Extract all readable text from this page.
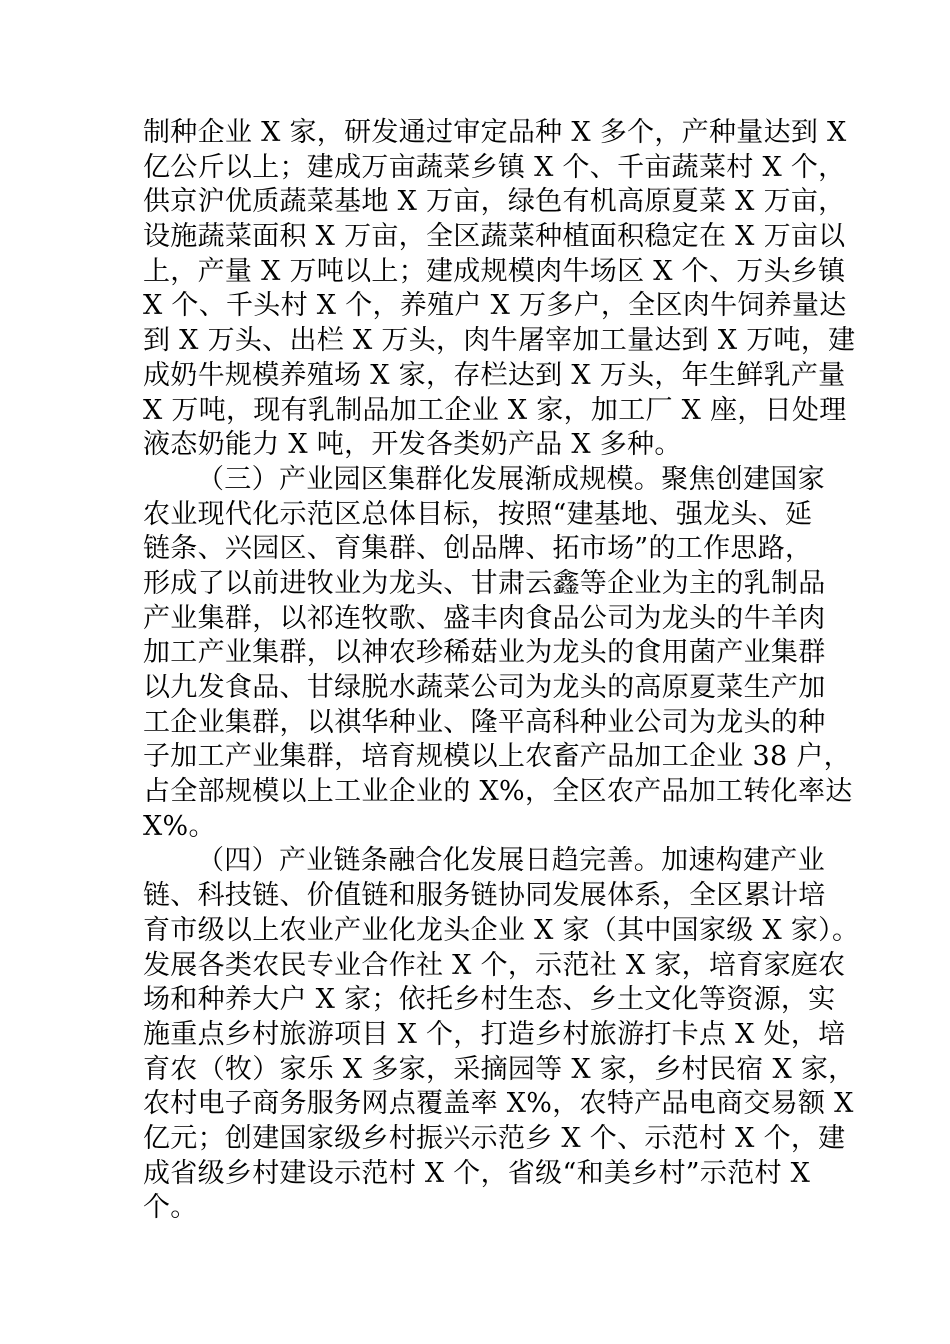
制种企业 X 家，研发通过审定品种 X 多个，产种量达到 X
亿公斤以上；建成万亩蔬菜乡镇 X 个、千亩蔬菜村 X 个，
供京沪优质蔬菜基地 X 万亩，绿色有机高原夏菜 X 万亩，
设施蔬菜面积 X 万亩，全区蔬菜种植面积稳定在 X 万亩以
上，产量 X 万吨以上；建成规模肉牛场区 X 个、万头乡镇
X 个、千头村 X 个，养殖户 X 万多户，全区肉牛饲养量达
到 X 万头、出栏 X 万头，肉牛屠宰加工量达到 X 万吨，建
成奶牛规模养殖场 X 家，存栏达到 X 万头，年生鲜乳产量
X 万吨，现有乳制品加工企业 X 家，加工厂 X 座，日处理
液态奶能力 X 吨，开发各类奶产品 X 多种。
（三）产业园区集群化发展渐成规模。聚焦创建国家
农业现代化示范区总体目标，按照“建基地、强龙头、延
链条、兴园区、育集群、创品牌、拓市场”的工作思路，
形成了以前进牧业为龙头、甘肃云鑫等企业为主的乳制品
产业集群，以祁连牧歌、盛丰肉食品公司为龙头的牛羊肉
加工产业集群，以神农珍稀菇业为龙头的食用菌产业集群
以九发食品、甘绿脱水蔬菜公司为龙头的高原夏菜生产加
工企业集群，以祺华种业、隆平高科种业公司为龙头的种
子加工产业集群，培育规模以上农畜产品加工企业 38 户，
占全部规模以上工业企业的 X%，全区农产品加工转化率达
X%。
（四）产业链条融合化发展日趋完善。加速构建产业
链、科技链、价值链和服务链协同发展体系，全区累计培
育市级以上农业产业化龙头企业 X 家（其中国家级 X 家）。
发展各类农民专业合作社 X 个，示范社 X 家，培育家庭农
场和种养大户 X 家；依托乡村生态、乡土文化等资源，实
施重点乡村旅游项目 X 个，打造乡村旅游打卡点 X 处，培
育农（牧）家乐 X 多家，采摘园等 X 家，乡村民宿 X 家，
农村电子商务服务网点覆盖率 X%，农特产品电商交易额 X
亿元；创建国家级乡村振兴示范乡 X 个、示范村 X 个，建
成省级乡村建设示范村 X 个，省级“和美乡村”示范村 X
个。
